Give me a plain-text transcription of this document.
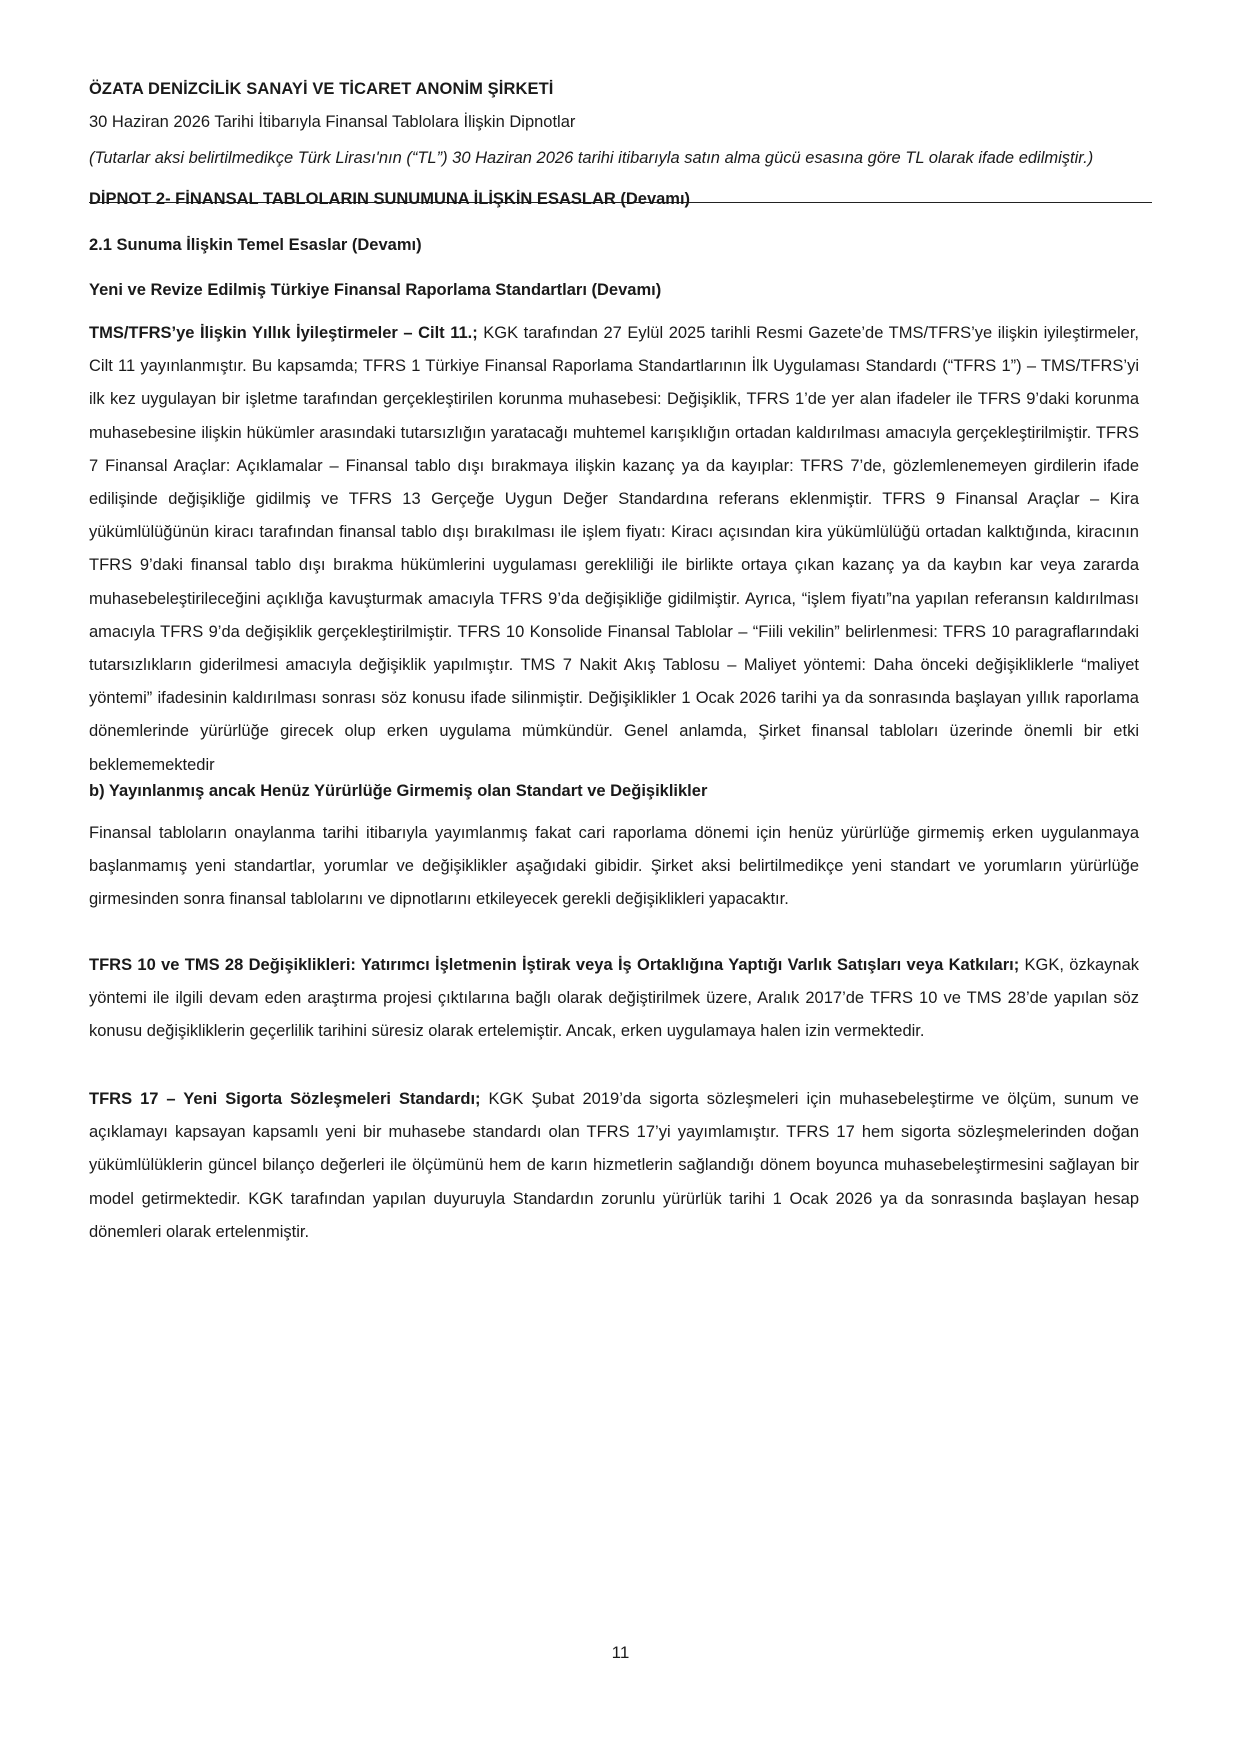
ÖZATA DENİZCİLİK SANAYİ VE TİCARET ANONİM ŞİRKETİ
30 Haziran 2026 Tarihi İtibarıyla Finansal Tablolara İlişkin Dipnotlar
(Tutarlar aksi belirtilmedikçe Türk Lirası'nın (“TL”) 30 Haziran 2026 tarihi itibarıyla satın alma gücü esasına göre TL olarak ifade edilmiştir.)
DİPNOT 2- FİNANSAL TABLOLARIN SUNUMUNA İLİŞKİN ESASLAR (Devamı)
2.1 Sunuma İlişkin Temel Esaslar (Devamı)
Yeni ve Revize Edilmiş Türkiye Finansal Raporlama Standartları (Devamı)

TMS/TFRS’ye İlişkin Yıllık İyileştirmeler – Cilt 11.; KGK tarafından 27 Eylül 2025 tarihli Resmi Gazete’de TMS/TFRS’ye ilişkin iyileştirmeler, Cilt 11 yayınlanmıştır. Bu kapsamda; TFRS 1 Türkiye Finansal Raporlama Standartlarının İlk Uygulaması Standardı (“TFRS 1”) – TMS/TFRS’yi ilk kez uygulayan bir işletme tarafından gerçekleştirilen korunma muhasebesi: Değişiklik, TFRS 1’de yer alan ifadeler ile TFRS 9’daki korunma muhasebesine ilişkin hükümler arasındaki tutarsızlığın yaratacağı muhtemel karışıklığın ortadan kaldırılması amacıyla gerçekleştirilmiştir. TFRS 7 Finansal Araçlar: Açıklamalar – Finansal tablo dışı bırakmaya ilişkin kazanç ya da kayıplar: TFRS 7’de, gözlemlenemeyen girdilerin ifade edilişinde değişikliğe gidilmiş ve TFRS 13 Gerçeğe Uygun Değer Standardına referans eklenmiştir. TFRS 9 Finansal Araçlar – Kira yükümlülüğünün kiracı tarafından finansal tablo dışı bırakılması ile işlem fiyatı: Kiracı açısından kira yükümlülüğü ortadan kalktığında, kiracının TFRS 9’daki finansal tablo dışı bırakma hükümlerini uygulaması gerekliliği ile birlikte ortaya çıkan kazanç ya da kaybın kar veya zararda muhasebeleştirileceğini açıklığa kavuşturmak amacıyla TFRS 9’da değişikliğe gidilmiştir. Ayrıca, “işlem fiyatı”na yapılan referansın kaldırılması amacıyla TFRS 9’da değişiklik gerçekleştirilmiştir. TFRS 10 Konsolide Finansal Tablolar – “Fiili vekilin” belirlenmesi: TFRS 10 paragraflarındaki tutarsızlıkların giderilmesi amacıyla değişiklik yapılmıştır. TMS 7 Nakit Akış Tablosu – Maliyet yöntemi: Daha önceki değişikliklerle “maliyet yöntemi” ifadesinin kaldırılması sonrası söz konusu ifade silinmiştir. Değişiklikler 1 Ocak 2026 tarihi ya da sonrasında başlayan yıllık raporlama dönemlerinde yürürlüğe girecek olup erken uygulama mümkündür. Genel anlamda, Şirket finansal tabloları üzerinde önemli bir etki beklememektedir

b) Yayınlanmış ancak Henüz Yürürlüğe Girmemiş olan Standart ve Değişiklikler

Finansal tabloların onaylanma tarihi itibarıyla yayımlanmış fakat cari raporlama dönemi için henüz yürürlüğe girmemiş erken uygulanmaya başlanmamış yeni standartlar, yorumlar ve değişiklikler aşağıdaki gibidir. Şirket aksi belirtilmedikçe yeni standart ve yorumların yürürlüğe girmesinden sonra finansal tablolarını ve dipnotlarını etkileyecek gerekli değişiklikleri yapacaktır.

TFRS 10 ve TMS 28 Değişiklikleri: Yatırımcı İşletmenin İştirak veya İş Ortaklığına Yaptığı Varlık Satışları veya Katkıları; KGK, özkaynak yöntemi ile ilgili devam eden araştırma projesi çıktılarına bağlı olarak değiştirilmek üzere, Aralık 2017’de TFRS 10 ve TMS 28’de yapılan söz konusu değişikliklerin geçerlilik tarihini süresiz olarak ertelemiştir. Ancak, erken uygulamaya halen izin vermektedir.

TFRS 17 – Yeni Sigorta Sözleşmeleri Standardı; KGK Şubat 2019’da sigorta sözleşmeleri için muhasebeleştirme ve ölçüm, sunum ve açıklamayı kapsayan kapsamlı yeni bir muhasebe standardı olan TFRS 17’yi yayımlamıştır. TFRS 17 hem sigorta sözleşmelerinden doğan yükümlülüklerin güncel bilanço değerleri ile ölçümünü hem de karın hizmetlerin sağlandığı dönem boyunca muhasebeleştirmesini sağlayan bir model getirmektedir. KGK tarafından yapılan duyuruyla Standardın zorunlu yürürlük tarihi 1 Ocak 2026 ya da sonrasında başlayan hesap dönemleri olarak ertelenmiştir.

11
